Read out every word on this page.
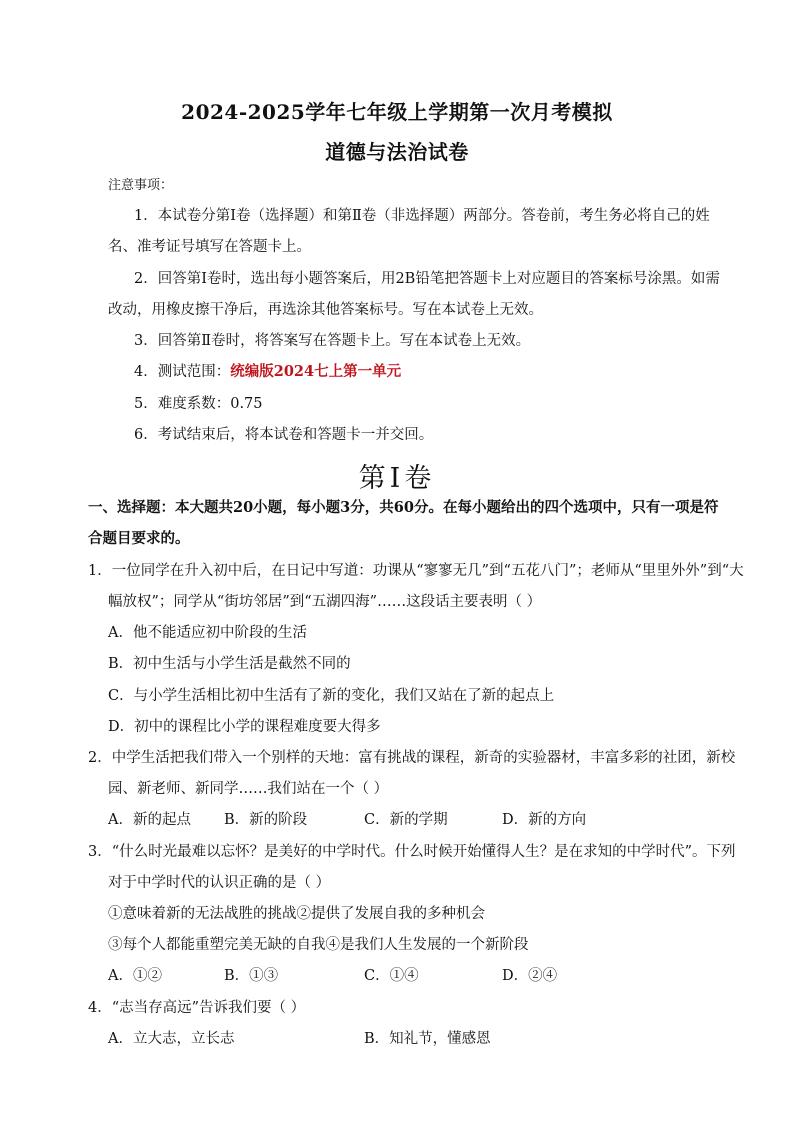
2024-2025学年七年级上学期第一次月考模拟
道德与法治试卷
注意事项：
1．本试卷分第Ⅰ卷（选择题）和第Ⅱ卷（非选择题）两部分。答卷前，考生务必将自己的姓
名、准考证号填写在答题卡上。
2．回答第Ⅰ卷时，选出每小题答案后，用2B铅笔把答题卡上对应题目的答案标号涂黑。如需
改动，用橡皮擦干净后，再选涂其他答案标号。写在本试卷上无效。
3．回答第Ⅱ卷时，将答案写在答题卡上。写在本试卷上无效。
4．测试范围：统编版2024七上第一单元
5．难度系数：0.75
6．考试结束后，将本试卷和答题卡一并交回。
第Ⅰ卷
一、选择题：本大题共20小题，每小题3分，共60分。在每小题给出的四个选项中，只有一项是符
合题目要求的。
1．一位同学在升入初中后，在日记中写道：功课从“寥寥无几”到“五花八门”；老师从“里里外外”到“大
幅放权”；同学从“街坊邻居”到“五湖四海”……这段话主要表明（ ）
A．他不能适应初中阶段的生活
B．初中生活与小学生活是截然不同的
C．与小学生活相比初中生活有了新的变化，我们又站在了新的起点上
D．初中的课程比小学的课程难度要大得多
2．中学生活把我们带入一个别样的天地：富有挑战的课程，新奇的实验器材，丰富多彩的社团，新校
园、新老师、新同学……我们站在一个（ ）
A．新的起点 B．新的阶段	C．新的学期	D．新的方向
3．“什么时光最难以忘怀？是美好的中学时代。什么时候开始懂得人生？是在求知的中学时代”。下列
对于中学时代的认识正确的是（ ）
①意味着新的无法战胜的挑战②提供了发展自我的多种机会
③每个人都能重塑完美无缺的自我④是我们人生发展的一个新阶段
A．①②	B．①③	C．①④	D．②④
4．“志当存高远”告诉我们要（ ）
A．立大志，立长志	B．知礼节，懂感恩
